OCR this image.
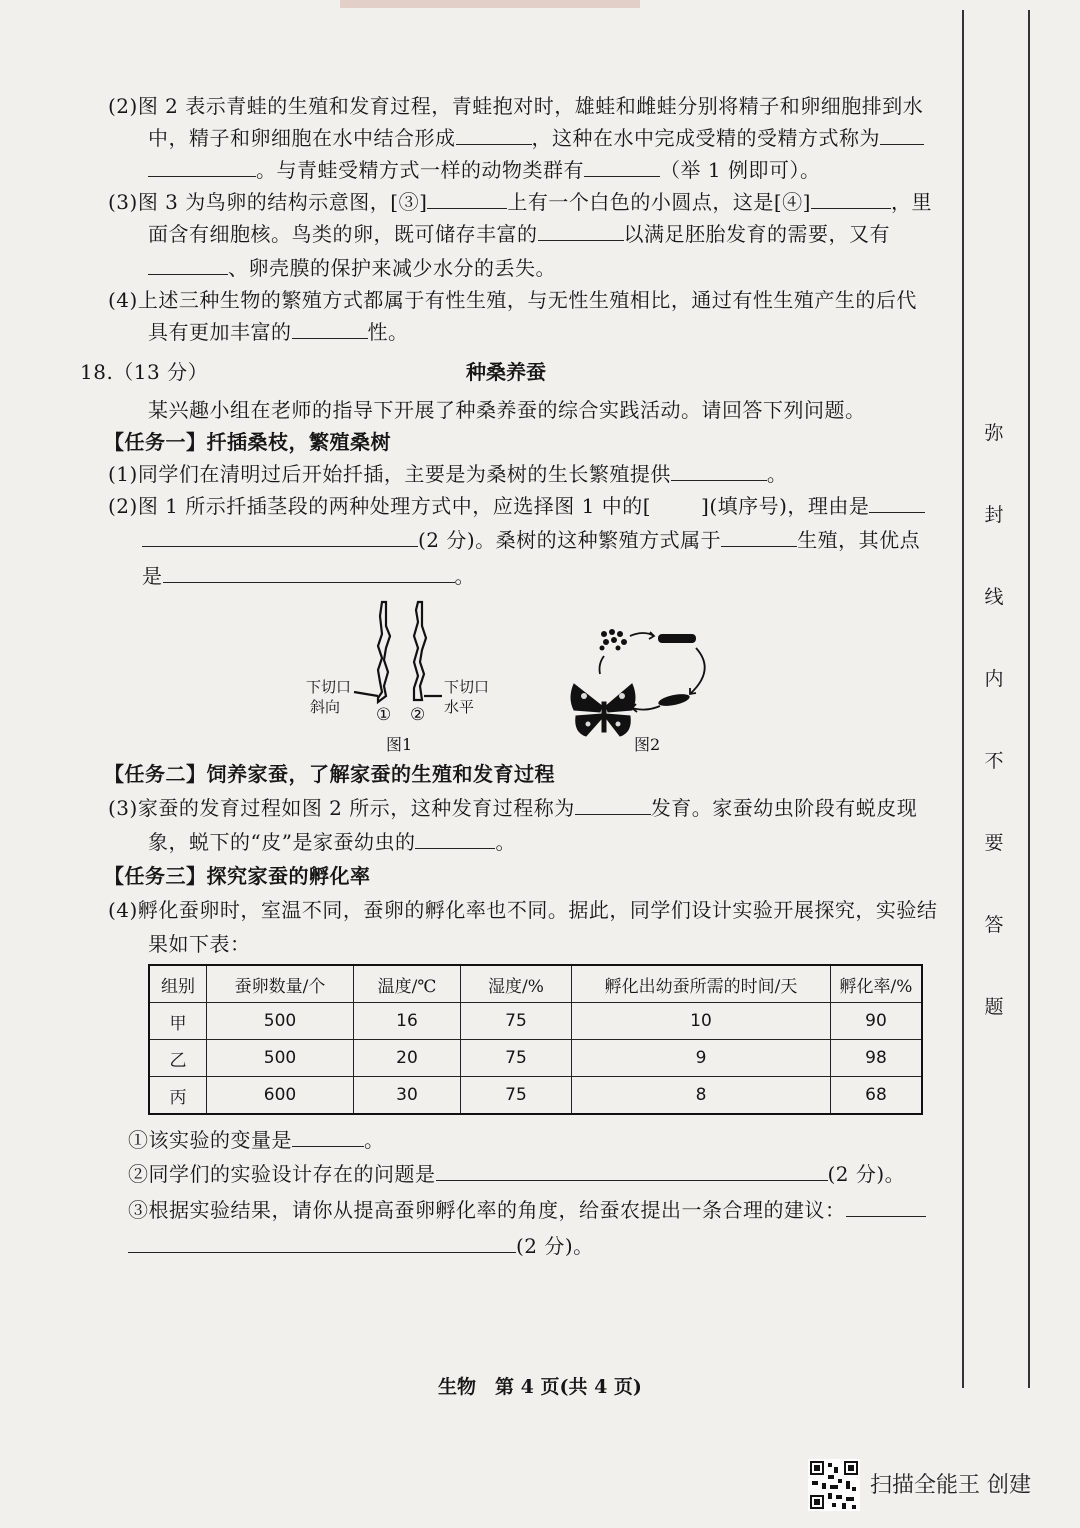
(2)图 2 表示青蛙的生殖和发育过程，青蛙抱对时，雄蛙和雌蛙分别将精子和卵细胞排到水
中，精子和卵细胞在水中结合形成	，这种在水中完成受精的受精方式称为
。与青蛙受精方式一样的动物类群有	（举 1 例即可）。
(3)图 3 为鸟卵的结构示意图，[③]	上有一个白色的小圆点，这是[④]	，里
面含有细胞核。鸟类的卵，既可储存丰富的	以满足胚胎发育的需要，又有
、卵壳膜的保护来减少水分的丢失。
(4)上述三种生物的繁殖方式都属于有性生殖，与无性生殖相比，通过有性生殖产生的后代
具有更加丰富的	性。
18.（13 分）	种桑养蚕
某兴趣小组在老师的指导下开展了种桑养蚕的综合实践活动。请回答下列问题。
【任务一】扦插桑枝，繁殖桑树
(1)同学们在清明过后开始扦插，主要是为桑树的生长繁殖提供	。
(2)图 1 所示扦插茎段的两种处理方式中，应选择图 1 中的[	](填序号)，理由是
(2 分)。桑树的这种繁殖方式属于	生殖，其优点
是	。
下切口
斜向
下切口
水平
① ②
图1	图2
【任务二】饲养家蚕，了解家蚕的生殖和发育过程
(3)家蚕的发育过程如图 2 所示，这种发育过程称为	发育。家蚕幼虫阶段有蜕皮现
象，蜕下的“皮”是家蚕幼虫的	。
【任务三】探究家蚕的孵化率
(4)孵化蚕卵时，室温不同，蚕卵的孵化率也不同。据此，同学们设计实验开展探究，实验结
果如下表：
组别	蚕卵数量/个	温度/℃	湿度/%	孵化出幼蚕所需的时间/天	孵化率/%
甲	500	16	75	10	90
乙	500	20	75	9	98
丙	600	30	75	8	68
①该实验的变量是	。
②同学们的实验设计存在的问题是	(2 分)。
③根据实验结果，请你从提高蚕卵孵化率的角度，给蚕农提出一条合理的建议：
(2 分)。
生物　第 4 页(共 4 页)
弥
封
线
内
不
要
答
题
扫描全能王 创建
